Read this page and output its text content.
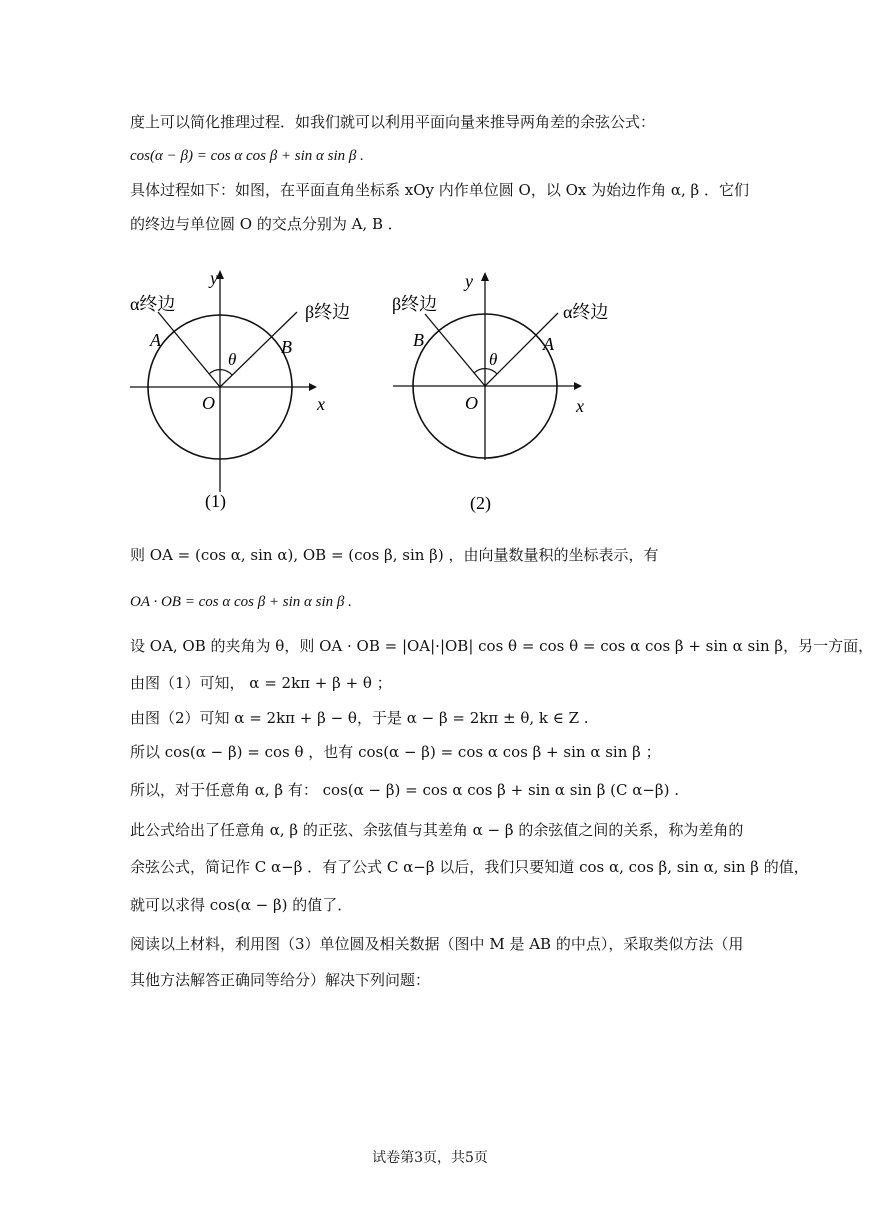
度上可以简化推理过程．如我们就可以利用平面向量来推导两角差的余弦公式：
cos(α − β) = cos α cos β + sin α sin β .
具体过程如下：如图，在平面直角坐标系 xOy 内作单位圆 O，以 Ox 为始边作角 α, β ．它们
的终边与单位圆 O 的交点分别为 A, B ．
y
x
O
α终边	β终边
A	B
θ
(1)
y
x
O
β终边	α终边
B	A
θ
(2)
则 OA = (cos α, sin α), OB = (cos β, sin β) ，由向量数量积的坐标表示，有
OA · OB = cos α cos β + sin α sin β .
设 OA, OB 的夹角为 θ，则 OA · OB = |OA|·|OB| cos θ = cos θ = cos α cos β + sin α sin β，另一方面，
由图（1）可知， α = 2kπ + β + θ ；
由图（2）可知 α = 2kπ + β − θ，于是 α − β = 2kπ ± θ, k ∈ Z .
所以 cos(α − β) = cos θ ，也有 cos(α − β) = cos α cos β + sin α sin β ；
所以，对于任意角 α, β 有： cos(α − β) = cos α cos β + sin α sin β (C α−β) .
此公式给出了任意角 α, β 的正弦、余弦值与其差角 α − β 的余弦值之间的关系，称为差角的
余弦公式，简记作 C α−β ．有了公式 C α−β 以后，我们只要知道 cos α, cos β, sin α, sin β 的值，
就可以求得 cos(α − β) 的值了．
阅读以上材料，利用图（3）单位圆及相关数据（图中 M 是 AB 的中点），采取类似方法（用
其他方法解答正确同等给分）解决下列问题：
试卷第3页，共5页
